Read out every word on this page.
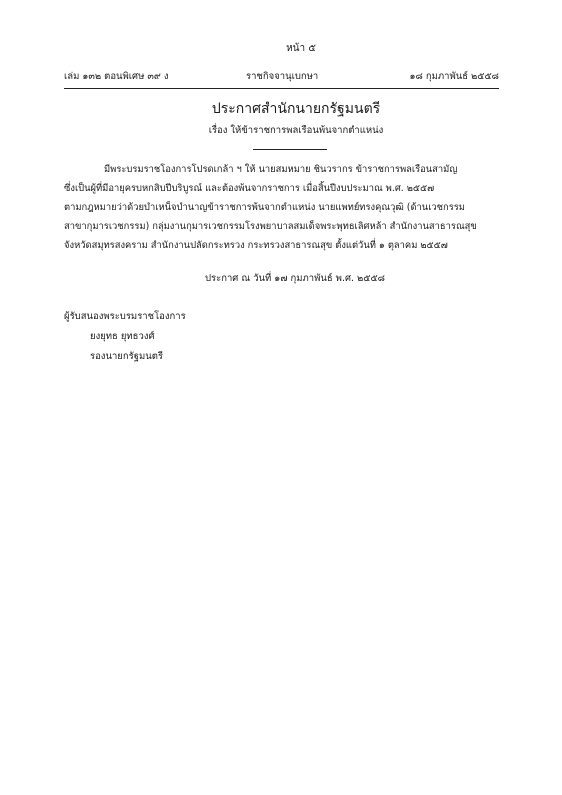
หน้า ๕
เล่ม ๑๓๒ ตอนพิเศษ ๓๙ ง	ราชกิจจานุเบกษา	๑๘ กุมภาพันธ์ ๒๕๕๘
ประกาศสำนักนายกรัฐมนตรี
เรื่อง ให้ข้าราชการพลเรือนพ้นจากตำแหน่ง
มีพระบรมราชโองการโปรดเกล้า ฯ ให้ นายสมหมาย ชินวรากร ข้าราชการพลเรือนสามัญ
ซึ่งเป็นผู้ที่มีอายุครบหกสิบปีบริบูรณ์ และต้องพ้นจากราชการ เมื่อสิ้นปีงบประมาณ พ.ศ. ๒๕๕๗
ตามกฎหมายว่าด้วยบำเหน็จบำนาญข้าราชการพ้นจากตำแหน่ง นายแพทย์ทรงคุณวุฒิ (ด้านเวชกรรม
สาขากุมารเวชกรรม) กลุ่มงานกุมารเวชกรรมโรงพยาบาลสมเด็จพระพุทธเลิศหล้า สำนักงานสาธารณสุข
จังหวัดสมุทรสงคราม สำนักงานปลัดกระทรวง กระทรวงสาธารณสุข ตั้งแต่วันที่ ๑ ตุลาคม ๒๕๕๗
ประกาศ ณ วันที่ ๑๗ กุมภาพันธ์ พ.ศ. ๒๕๕๘
ผู้รับสนองพระบรมราชโองการ
ยงยุทธ ยุทธวงศ์
รองนายกรัฐมนตรี
